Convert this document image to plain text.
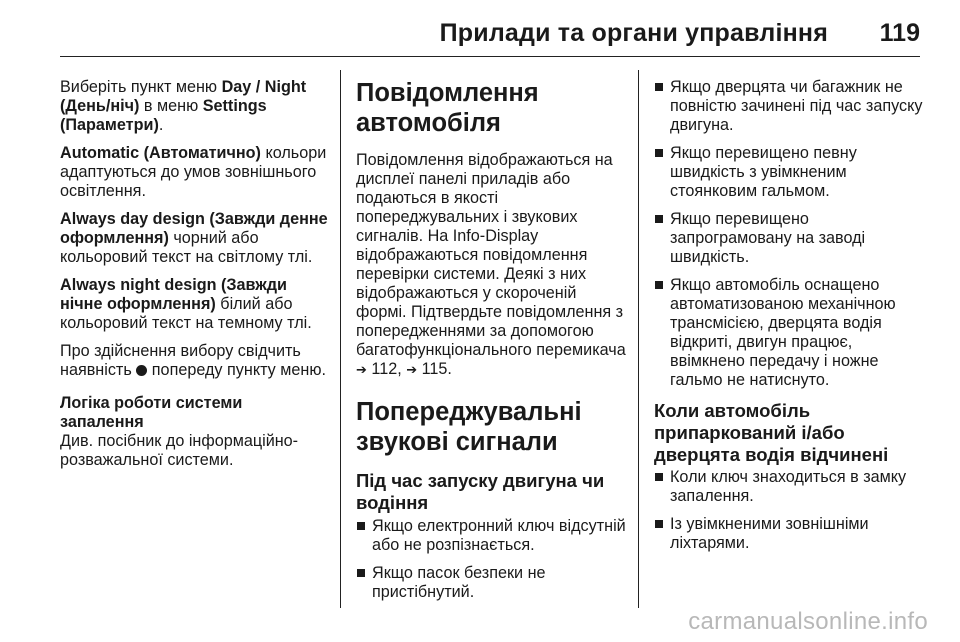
Прилади та органи управління 119

Виберіть пункт меню Day / Night (День/ніч) в меню Settings (Параметри).

Automatic (Автоматично) кольори адаптуються до умов зовнішнього освітлення.

Always day design (Завжди денне оформлення) чорний або кольоровий текст на світлому тлі.

Always night design (Завжди нічне оформлення) білий або кольоровий текст на темному тлі.

Про здійснення вибору свідчить наявність  попереду пункту меню.

Логіка роботи системи запалення

Див. посібник до інформаційно-розважальної системи.

Повідомлення автомобіля

Повідомлення відображаються на дисплеї панелі приладів або подаються в якості попереджувальних і звукових сигналів. На Info-Display відображаються повідомлення перевірки системи. Деякі з них відображаються у скороченій формі. Підтвердьте повідомлення з попередженнями за допомогою багатофункціонального перемикача ➔ 112, ➔ 115.

Попереджувальні звукові сигнали
Під час запуску двигуна чи водіння
Якщо електронний ключ відсутній або не розпізнається.
Якщо пасок безпеки не пристібнутий.
Якщо дверцята чи багажник не повністю зачинені під час запуску двигуна.
Якщо перевищено певну швидкість з увімкненим стоянковим гальмом.
Якщо перевищено запрограмовану на заводі швидкість.
Якщо автомобіль оснащено автоматизованою механічною трансмісією, дверцята водія відкриті, двигун працює, ввімкнено передачу і ножне гальмо не натиснуто.
Коли автомобіль припаркований і/або дверцята водія відчинені
Коли ключ знаходиться в замку запалення.
Із увімкненими зовнішніми ліхтарями.
carmanualsonline.info
